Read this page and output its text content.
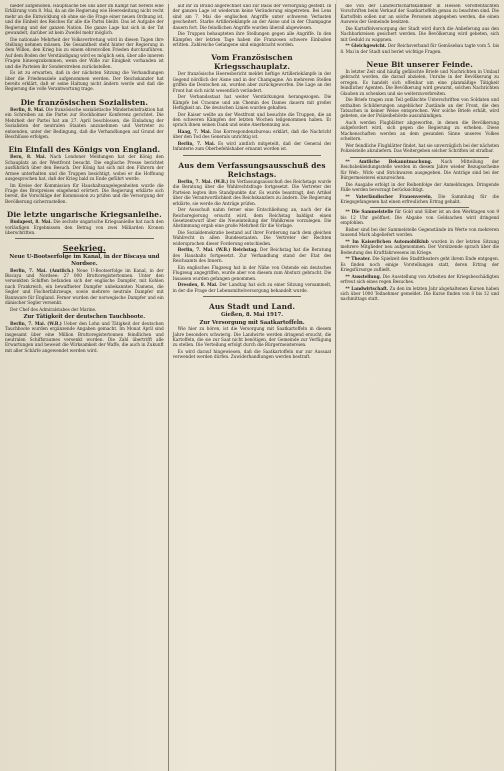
nieder aufgehoben. Hauptsache bei uns aber im Kampf hat bereits eine Erklärung vom 8. Mai, da an die Regierung wie Heeresleitung nicht recht mehr an die Entwicklung ob ohne sie die Frage einer neuen Ordnung ist, und die Einheit des Reiches für alle die Partei bleibt. Das ist Aufgabe der Regierung und der ganzen Nation. Die ganze Lage hat sich in der Tat gewandelt, darüber ist kein Zweifel mehr möglich.

Die nationale Mehrheit der Volksvertretung wird in diesen Tagen ihre Stellung nehmen müssen. Die Gesamtheit steht hinter der Regierung in dem Willen, den Krieg bis zu einem ehrenvollen Frieden durchzuführen. Auf dem Boden der Verständigung wird es möglich sein, über alle inneren Fragen hinwegzukommen, wenn der Wille zur Einigkeit vorhanden ist und die Parteien ihr Sonderstreben zurückstellen.

Es ist zu erwarten, daß in der nächsten Sitzung die Verhandlungen über die Friedensziele aufgenommen werden. Der Reichskanzler hat bereits erklärt, daß er seine Haltung nicht ändern werde und daß die Regierung die volle Verantwortung trage.

Die französischen Sozialisten.

Berlin, 8. Mai. Die französische sozialistische Minderheitsfraktion hat ein Schreiben an die Partei zur Stockholmer Konferenz gerichtet. Die Mehrheit der Partei hat am 27. April beschlossen, die Einladung der Sozialisten der neutralen Staaten anzunehmen und Vertreter zu entsenden, unter der Bedingung, daß die Verhandlungen auf Grund der Beschlüsse erfolgen.

Ein Einfall des Königs von England.

Bern, 8. Mai. Nach Londoner Meldungen hat der König den Schauplatz an der Westfront besucht. Die englische Presse berichtet ausführlich über den Besuch. Der König hat sich mit den Führern der Armee unterhalten und die Truppen besichtigt, wobei er die Hoffnung ausgesprochen hat, daß der Krieg bald zu Ende geführt werde.

Im Kreise der Kommission für Haushaltsangelegenheiten wurde die Frage des Brotpreises eingehend erörtert. Die Regierung erklärte sich bereit, die Vorschläge der Kommission zu prüfen und die Versorgung der Bevölkerung sicherzustellen.

Die letzte ungarische Kriegsanleihe.

Budapest, 8. Mai. Die sechste ungarische Kriegsanleihe hat nach den vorläufigen Ergebnissen den Betrag von zwei Milliarden Kronen überschritten.

Seekrieg.
Neue U-Bootserfolge im Kanal, in der Biscaya und Nordsee.

Berlin, 7. Mai. (Amtlich.) Neue U-Bootserfolge im Kanal, in der Biscaya und Nordsee: 27 000 Bruttoregistertonnen. Unter den versenkten Schiffen befanden sich der englische Dampfer, mit Kohlen nach Frankreich, ein bewaffneter Dampfer unbekannten Namens, die Segler und Fischerfahrzeuge, sowie mehrere neutrale Dampfer mit Bannware für England. Ferner wurden der norwegische Dampfer und ein dänischer Segler versenkt.

Der Chef des Admiralstabes der Marine.

Zur Tätigkeit der deutschen Tauchboote.

Berlin, 7. Mai. (W.B.) Ueber den Lohn und Tätigkeit der deutschen Tauchboote wurden ergänzende Angaben gemacht. Im Monat April sind insgesamt über eine Million Bruttoregistertonnen feindlichen und neutralen Schiffsraumes versenkt worden. Die Zahl übertrifft alle Erwartungen und beweist die Wirksamkeit der Waffe, die auch in Zukunft mit aller Schärfe angewendet werden wird.

auf ihr zu Brand angerechnet und zur Basis der Versorgung gestellt. In der ganzen Lage ist wiederum keine Veränderung eingetreten. Bei Lens sind am 7. Mai die englischen Angriffe unter schweren Verlusten gescheitert. Starke Artilleriekämpfe an der Aisne und in der Champagne dauern fort. Die feindlichen Angriffe wurden überall abgewiesen.

Die Truppen behaupteten ihre Stellungen gegen alle Angriffe. In den Kämpfen der letzten Tage haben die Franzosen schwere Einbußen erlitten. Zahlreiche Gefangene sind eingebracht worden.

Vom Französischen Kriegsschauplatz.

Der französische Heeresbericht meldet heftige Artilleriekämpfe in der Gegend nördlich der Aisne und in der Champagne. An mehreren Stellen griffen die Deutschen an, wurden aber zurückgeworfen. Die Lage an der Front hat sich nicht wesentlich verändert.

Der Verbandsstaat hat weiter Verstärkungen herangezogen. Die Kämpfe bei Craonne und am Chemin des Dames dauern mit großer Heftigkeit an. Die deutschen Linien wurden gehalten.

Der Kaiser weilte an der Westfront und besuchte die Truppen, die an den schweren Kämpfen der letzten Wochen teilgenommen haben. Er sprach ihnen seinen Dank und seine Anerkennung aus.

Haag, 7. Mai. Das Korrespondenzbureau erklärt, daß die Nachricht über den Tod des Generals unrichtig ist.

Berlin, 7. Mai. Es wird amtlich mitgeteilt, daß der General der Infanterie zum Oberbefehlshaber ernannt worden ist.

Aus dem Verfassungsausschuß des Reichstags.

Berlin, 7. Mai. (W.B.) Im Verfassungsausschuß des Reichstags wurde die Beratung über die Wahlrechtsfrage fortgesetzt. Die Vertreter der Parteien legten ihre Standpunkte dar. Es wurde beantragt, den Artikel über die Verantwortlichkeit des Reichskanzlers zu ändern. Die Regierung erklärte, sie werde die Anträge prüfen.

Der Ausschuß nahm ferner eine Entschließung an, nach der die Reichsregierung ersucht wird, dem Reichstag baldigst einen Gesetzentwurf über die Neueinteilung der Wahlkreise vorzulegen. Die Abstimmung ergab eine große Mehrheit für die Vorlage.

Die Sozialdemokratie bestand auf ihrer Forderung nach dem gleichen Wahlrecht in allen Bundesstaaten. Die Vertreter der Rechten widersprachen dieser Forderung entschieden.

Berlin, 7. Mai. (W.B.) Reichstag. Der Reichstag hat die Beratung des Haushalts fortgesetzt. Zur Verhandlung stand der Etat des Reichsamts des Innern.

Ein englisches Flugzeug hat in der Nähe von Ostende ein deutsches Flugzeug angegriffen, wurde aber von diesem zum Absturz gebracht. Die Insassen wurden gefangen genommen.

Dresden, 8. Mai. Der Landtag hat sich zu einer Sitzung versammelt, in der die Frage der Lebensmittelversorgung behandelt wurde.

Aus Stadt und Land.
Gießen, 8. Mai 1917.
Zur Versorgung mit Saatkartoffeln.

Wie hier zu hören, ist die Versorgung mit Saatkartoffeln in diesem Jahre besonders schwierig. Die Landwirte werden dringend ersucht, die Kartoffeln, die sie zur Saat nicht benötigen, der Gemeinde zur Verfügung zu stellen. Die Verteilung erfolgt durch die Bürgermeistereien.

Es wird darauf hingewiesen, daß die Saatkartoffeln nur zur Aussaat verwendet werden dürfen. Zuwiderhandlungen werden bestraft.

die von der Landwirtschaftskammer in Hessen veröffentlichten Vorschriften beim Verkauf der Saatkartoffeln genau zu beachten sind. Die Kartoffeln sollen nur an solche Personen abgegeben werden, die einen Ausweis der Gemeinde besitzen.

Die Kartoffelversorgung der Stadt wird durch die Anlieferung aus den Nachbarkreisen gesichert werden. Die Bevölkerung wird gebeten, sich mit Geduld zu wappnen.

** Gleichgewicht. Der Reichsverband für Gemüsebau tagte vom 5. bis 8. Mai in der Stadt und beriet wichtige Fragen.

Neue Bit unserer Feinde.

In letzter Zeit sind häufig gefälschte Briefe und Nachrichten in Umlauf gebracht worden, die darauf abzielen, Unruhe in der Bevölkerung zu erregen. Es handelt sich offenbar um eine planmäßige Tätigkeit feindlicher Agenten. Die Bevölkerung wird gewarnt, solchen Nachrichten Glauben zu schenken und sie weiterzuverbreiten.

Die Briefe tragen zum Teil gefälschte Unterschriften von Soldaten und enthalten Schilderungen angeblicher Zustände an der Front, die den Tatsachen in keiner Weise entsprechen. Wer solche Briefe erhält, wird gebeten, sie der Polizeibehörde auszuhändigen.

Auch werden Flugblätter abgeworfen, in denen die Bevölkerung aufgefordert wird, sich gegen die Regierung zu erheben. Diese Machenschaften werden an dem gesunden Sinne unseres Volkes scheitern.

Wer feindliche Flugblätter findet, hat sie unverzüglich bei der nächsten Polizeistelle abzuliefern. Das Weitergeben solcher Schriften ist strafbar.

** Amtliche Bekanntmachung. Nach Mitteilung der Reichsbekleidungsstelle werden in diesem Jahre wieder Bezugsscheine für Web-, Wirk- und Strickwaren ausgegeben. Die Anträge sind bei der Bürgermeisterei einzureichen.

Die Ausgabe erfolgt in der Reihenfolge der Anmeldungen. Dringende Fälle werden bevorzugt berücksichtigt.

** Vaterländischer Frauenverein. Die Sammlung für die Kriegsgefangenen hat einen erfreulichen Ertrag gehabt.

** Die Sammelstelle für Gold und Silber ist an den Werktagen von 9 bis 12 Uhr geöffnet. Die Abgabe von Goldsachen wird dringend empfohlen.

Bisher sind bei der Sammelstelle Gegenstände im Werte von mehreren tausend Mark abgeliefert worden.

** Im Kaiserlichen Automobilklub wurden in der letzten Sitzung mehrere Mitglieder neu aufgenommen. Der Vorsitzende sprach über die Bedeutung des Kraftfahrwesens im Kriege.

** Theater. Die Spielzeit des Stadttheaters geht ihrem Ende entgegen. Es finden noch einige Vorstellungen statt, deren Ertrag der Kriegsfürsorge zufließt.

** Ausstellung. Die Ausstellung von Arbeiten der Kriegsbeschädigten erfreut sich eines regen Besuches.

** Landwirtschaft. Zu den im letzten Jahr abgehaltenen Kursen haben sich über 1000 Teilnehmer gemeldet. Die Kurse finden von 8 bis 12 und nachmittags statt.
